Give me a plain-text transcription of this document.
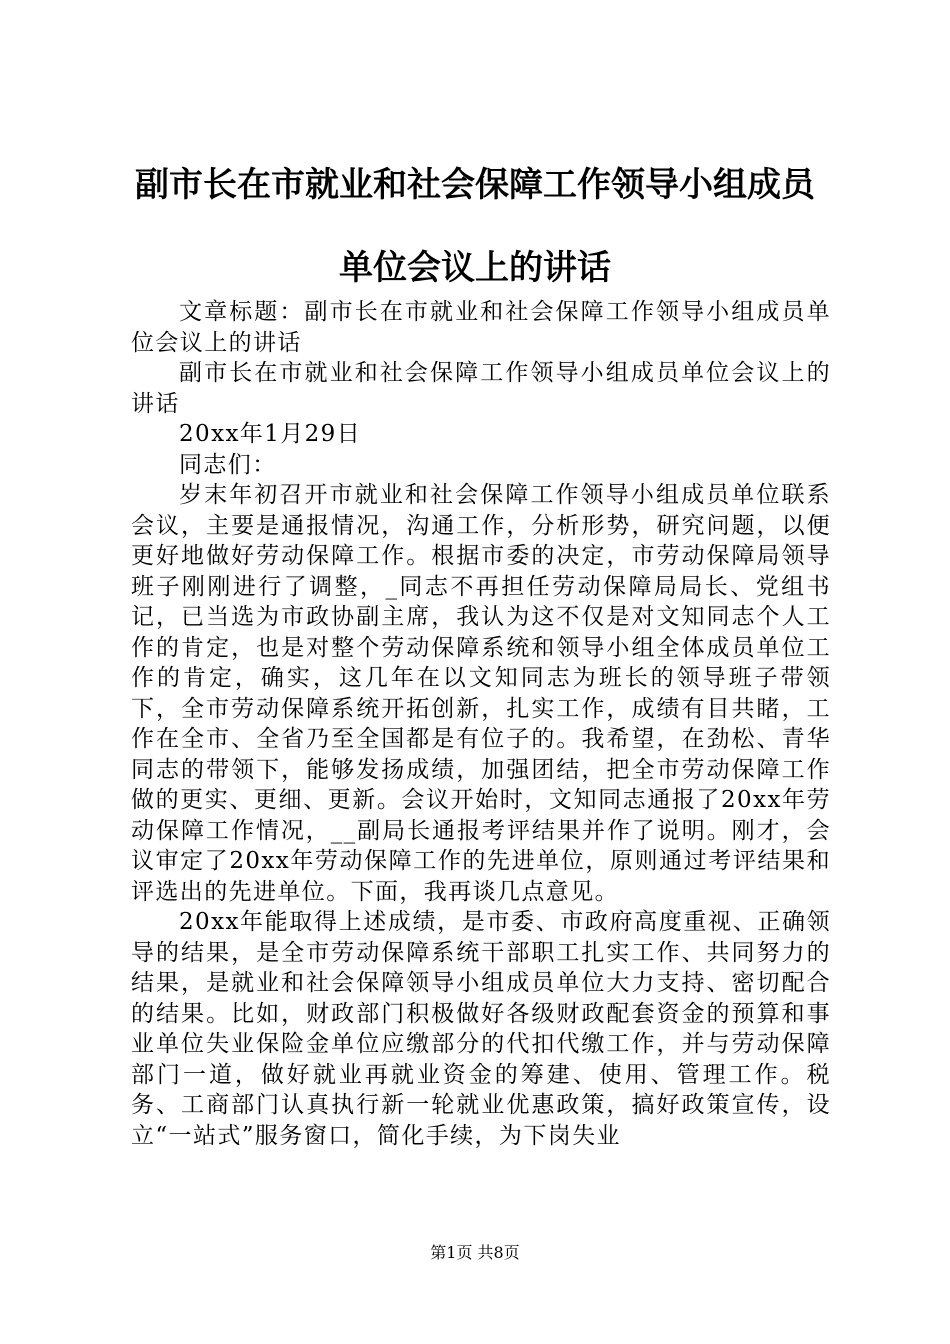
副市长在市就业和社会保障工作领导小组成员
单位会议上的讲话

文章标题：副市长在市就业和社会保障工作领导小组成员单位会议上的讲话

副市长在市就业和社会保障工作领导小组成员单位会议上的讲话

20xx年1月29日

同志们：

岁末年初召开市就业和社会保障工作领导小组成员单位联系会议，主要是通报情况，沟通工作，分析形势，研究问题，以便更好地做好劳动保障工作。根据市委的决定，市劳动保障局领导班子刚刚进行了调整，_同志不再担任劳动保障局局长、党组书记，已当选为市政协副主席，我认为这不仅是对文知同志个人工作的肯定，也是对整个劳动保障系统和领导小组全体成员单位工作的肯定，确实，这几年在以文知同志为班长的领导班子带领下，全市劳动保障系统开拓创新，扎实工作，成绩有目共睹，工作在全市、全省乃至全国都是有位子的。我希望，在劲松、青华同志的带领下，能够发扬成绩，加强团结，把全市劳动保障工作做的更实、更细、更新。会议开始时，文知同志通报了20xx年劳动保障工作情况，__副局长通报考评结果并作了说明。刚才，会议审定了20xx年劳动保障工作的先进单位，原则通过考评结果和评选出的先进单位。下面，我再谈几点意见。

20xx年能取得上述成绩，是市委、市政府高度重视、正确领导的结果，是全市劳动保障系统干部职工扎实工作、共同努力的结果，是就业和社会保障领导小组成员单位大力支持、密切配合的结果。比如，财政部门积极做好各级财政配套资金的预算和事业单位失业保险金单位应缴部分的代扣代缴工作，并与劳动保障部门一道，做好就业再就业资金的筹建、使用、管理工作。税务、工商部门认真执行新一轮就业优惠政策，搞好政策宣传，设立“一站式”服务窗口，简化手续，为下岗失业

第1页 共8页
